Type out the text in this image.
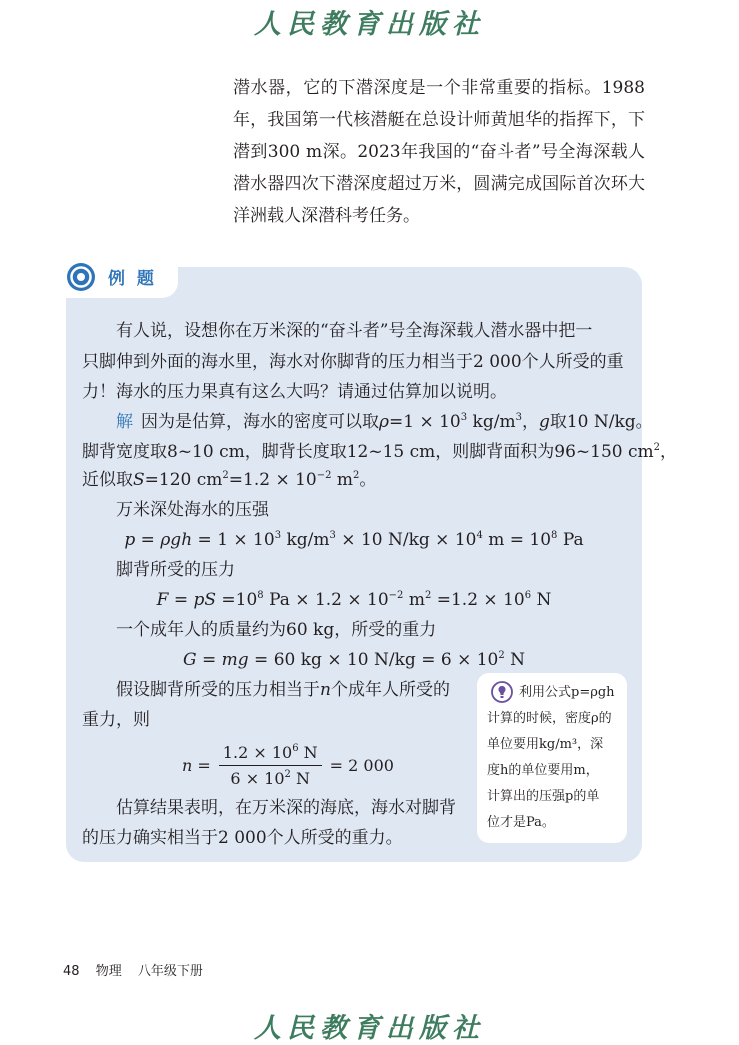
人民教育出版社
潜水器，它的下潜深度是一个非常重要的指标。1988年，我国第一代核潜艇在总设计师黄旭华的指挥下，下潜到300 m深。2023年我国的“奋斗者”号全海深载人潜水器四次下潜深度超过万米，圆满完成国际首次环大洋洲载人深潜科考任务。
例 题
有人说，设想你在万米深的“奋斗者”号全海深载人潜水器中把一
只脚伸到外面的海水里，海水对你脚背的压力相当于2 000个人所受的重
力！海水的压力果真有这么大吗？请通过估算加以说明。
解 因为是估算，海水的密度可以取$\rho=1 \times 10^3$ $kg/m^3$，g取10 N/kg。
脚背宽度取8~10 cm，脚背长度取12~15 cm，则脚背面积为96~150 $cm^2$，
近似取S=120 $cm^2=1.2 \times 10^{-2}$ $m^2$。
万米深处海水的压强
$p = \rho gh = 1 \times 10^3$ $kg/m^3 \times 10$ $N/kg \times 10^4$ $m = 10^8$ Pa
脚背所受的压力
F = pS $=10^8$ $Pa \times 1.2 \times 10^{-2}$ $m^2 =1.2 \times 10^6$ N
一个成年人的质量约为60 kg，所受的重力
G = mg = 60 kg × 10 $N/kg = 6 \times 10^2$ N
假设脚背所受的压力相当于n个成年人所受的
重力，则
$n = \frac{1.2 \times 10^6 N}{6 \times 10^2 N} = 2$ 000
估算结果表明，在万米深的海底，海水对脚背
的压力确实相当于2 000个人所受的重力。
利用公式p=ρgh
计算的时候，密度ρ的
单位要用kg/m³，深
度h的单位要用m，
计算出的压强p的单
位才是Pa。
48 物理 八年级下册
人民教育出版社
